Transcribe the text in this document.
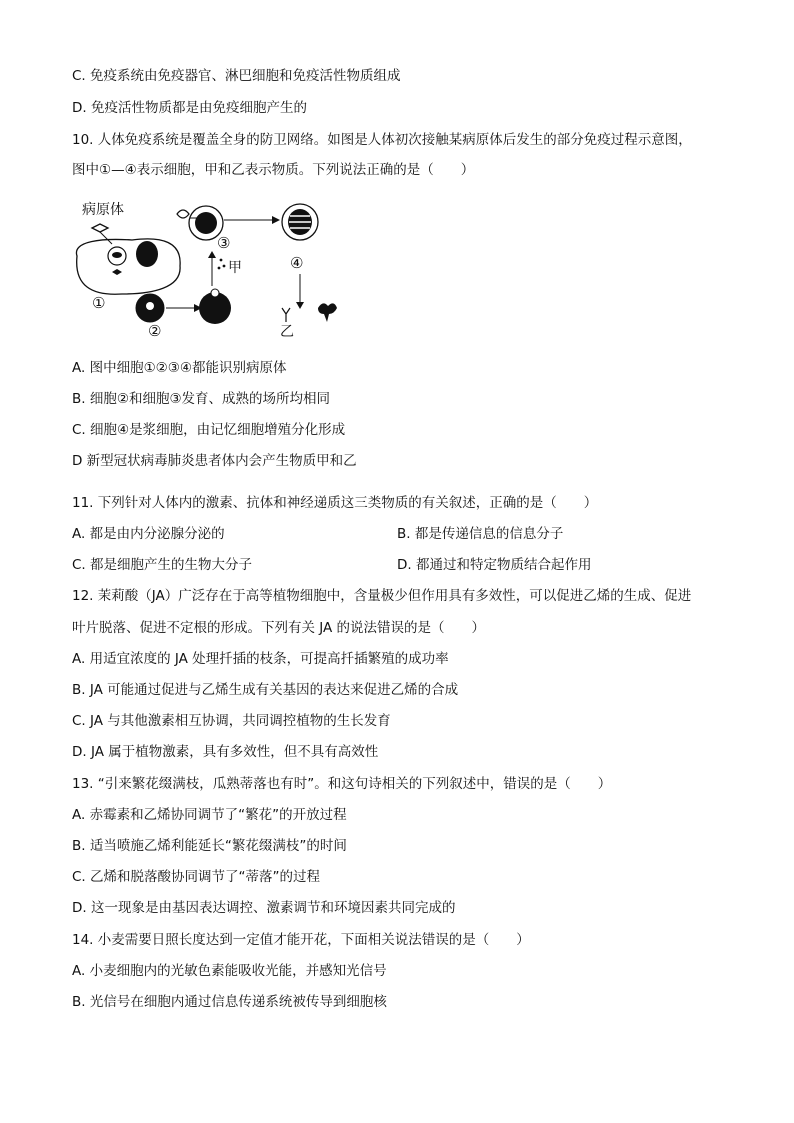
C. 免疫系统由免疫器官、淋巴细胞和免疫活性物质组成
D. 免疫活性物质都是由免疫细胞产生的
10. 人体免疫系统是覆盖全身的防卫网络。如图是人体初次接触某病原体后发生的部分免疫过程示意图，
图中①—④表示细胞，甲和乙表示物质。下列说法正确的是（　　）
病原体
①
②
甲
③
④
乙
A. 图中细胞①②③④都能识别病原体
B. 细胞②和细胞③发育、成熟的场所均相同
C. 细胞④是浆细胞，由记忆细胞增殖分化形成
D 新型冠状病毒肺炎患者体内会产生物质甲和乙
11. 下列针对人体内的激素、抗体和神经递质这三类物质的有关叙述，正确的是（　　）
A. 都是由内分泌腺分泌的	B. 都是传递信息的信息分子
C. 都是细胞产生的生物大分子	D. 都通过和特定物质结合起作用
12. 茉莉酸（JA）广泛存在于高等植物细胞中，含量极少但作用具有多效性，可以促进乙烯的生成、促进
叶片脱落、促进不定根的形成。下列有关 JA 的说法错误的是（　　）
A. 用适宜浓度的 JA 处理扦插的枝条，可提高扦插繁殖的成功率
B. JA 可能通过促进与乙烯生成有关基因的表达来促进乙烯的合成
C. JA 与其他激素相互协调，共同调控植物的生长发育
D. JA 属于植物激素，具有多效性，但不具有高效性
13. “引来繁花缀满枝，瓜熟蒂落也有时”。和这句诗相关的下列叙述中，错误的是（　　）
A. 赤霉素和乙烯协同调节了“繁花”的开放过程
B. 适当喷施乙烯利能延长“繁花缀满枝”的时间
C. 乙烯和脱落酸协同调节了“蒂落”的过程
D. 这一现象是由基因表达调控、激素调节和环境因素共同完成的
14. 小麦需要日照长度达到一定值才能开花，下面相关说法错误的是（　　）
A. 小麦细胞内的光敏色素能吸收光能，并感知光信号
B. 光信号在细胞内通过信息传递系统被传导到细胞核
